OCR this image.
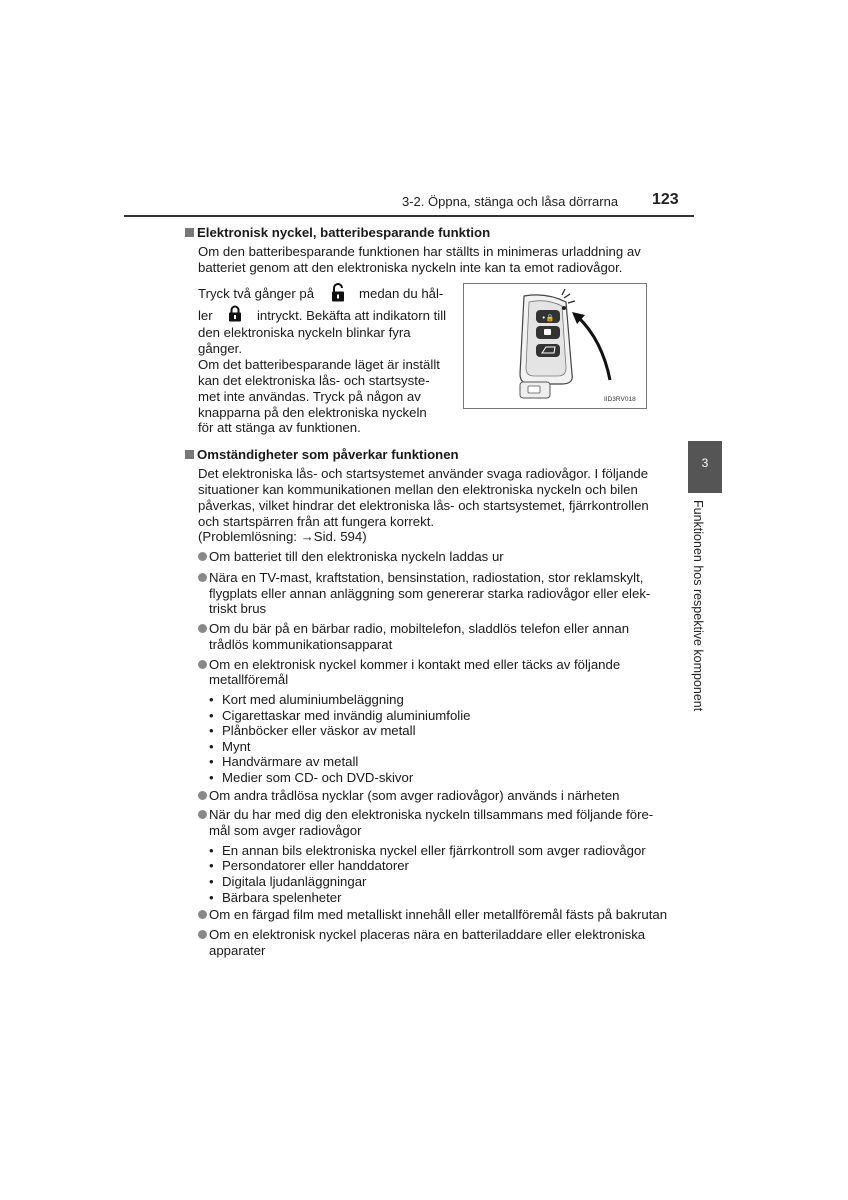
3-2. Öppna, stänga och låsa dörrarna 123
3
Funktionen hos respektive komponent
Elektronisk nyckel, batteribesparande funktion
Om den batteribesparande funktionen har ställts in minimeras urladdning av
batteriet genom att den elektroniska nyckeln inte kan ta emot radiovågor.
Tryck två gånger på	medan du hål-
ler	intryckt. Bekäfta att indikatorn till
den elektroniska nyckeln blinkar fyra
gånger.
Om det batteribesparande läget är inställt
kan det elektroniska lås- och startsyste-
met inte användas. Tryck på någon av
knapparna på den elektroniska nyckeln
för att stänga av funktionen.
•🔒
IID3RV018
Omständigheter som påverkar funktionen
Det elektroniska lås- och startsystemet använder svaga radiovågor. I följande
situationer kan kommunikationen mellan den elektroniska nyckeln och bilen
påverkas, vilket hindrar det elektroniska lås- och startsystemet, fjärrkontrollen
och startspärren från att fungera korrekt.
(Problemlösning: →Sid. 594)
Om batteriet till den elektroniska nyckeln laddas ur
Nära en TV-mast, kraftstation, bensinstation, radiostation, stor reklamskylt,
flygplats eller annan anläggning som genererar starka radiovågor eller elek-
triskt brus
Om du bär på en bärbar radio, mobiltelefon, sladdlös telefon eller annan
trådlös kommunikationsapparat
Om en elektronisk nyckel kommer i kontakt med eller täcks av följande
metallföremål
• Kort med aluminiumbeläggning
• Cigarettaskar med invändig aluminiumfolie
• Plånböcker eller väskor av metall
• Mynt
• Handvärmare av metall
• Medier som CD- och DVD-skivor
Om andra trådlösa nycklar (som avger radiovågor) används i närheten
När du har med dig den elektroniska nyckeln tillsammans med följande före-
mål som avger radiovågor
• En annan bils elektroniska nyckel eller fjärrkontroll som avger radiovågor
• Persondatorer eller handdatorer
• Digitala ljudanläggningar
• Bärbara spelenheter
Om en färgad film med metalliskt innehåll eller metallföremål fästs på bakrutan
Om en elektronisk nyckel placeras nära en batteriladdare eller elektroniska
apparater
